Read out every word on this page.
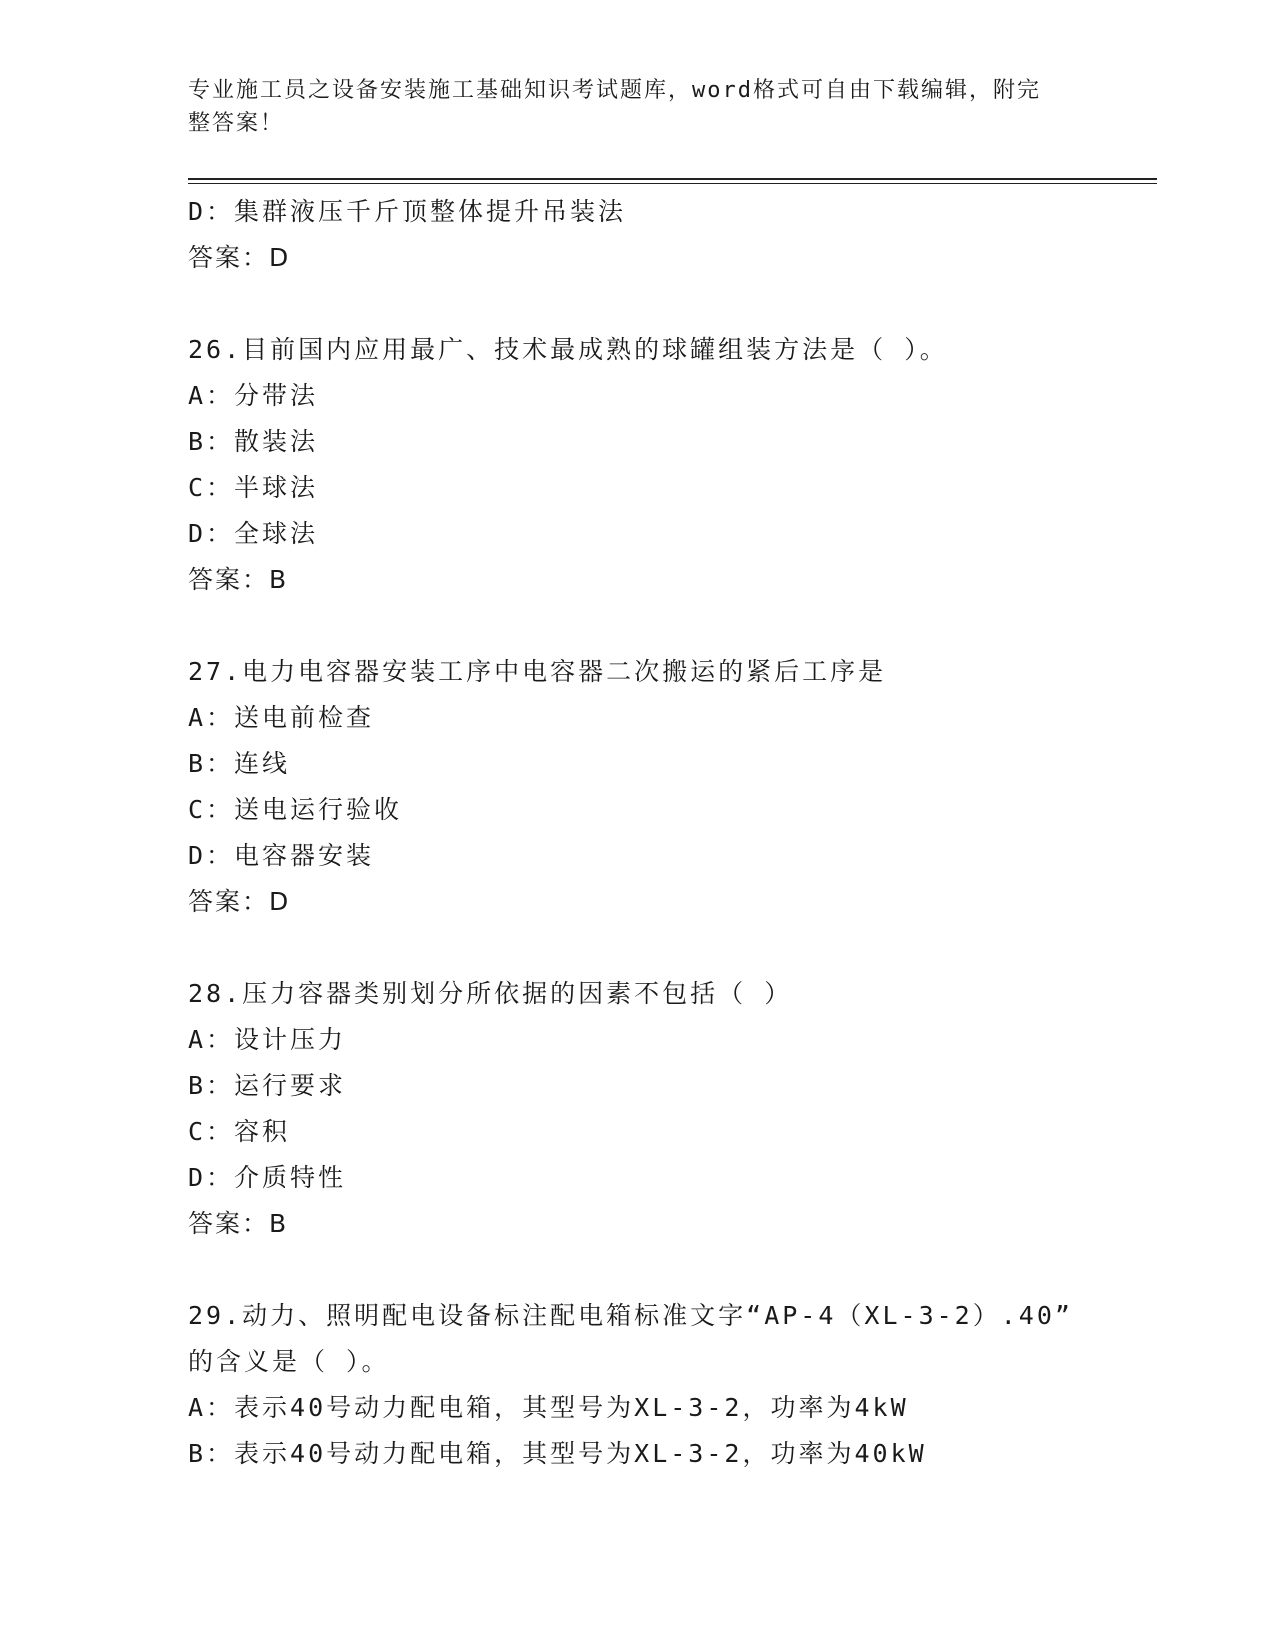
专业施工员之设备安装施工基础知识考试题库，word格式可自由下载编辑，附完
整答案！
D：集群液压千斤顶整体提升吊装法
答案：D
26.目前国内应用最广、技术最成熟的球罐组装方法是（ ）。
A：分带法
B：散装法
C：半球法
D：全球法
答案：B
27.电力电容器安装工序中电容器二次搬运的紧后工序是
A：送电前检查
B：连线
C：送电运行验收
D：电容器安装
答案：D
28.压力容器类别划分所依据的因素不包括（ ）
A：设计压力
B：运行要求
C：容积
D：介质特性
答案：B
29.动力、照明配电设备标注配电箱标准文字“AP-4（XL-3-2）.40”
的含义是（ ）。
A：表示40号动力配电箱，其型号为XL-3-2，功率为4kW
B：表示40号动力配电箱，其型号为XL-3-2，功率为40kW
